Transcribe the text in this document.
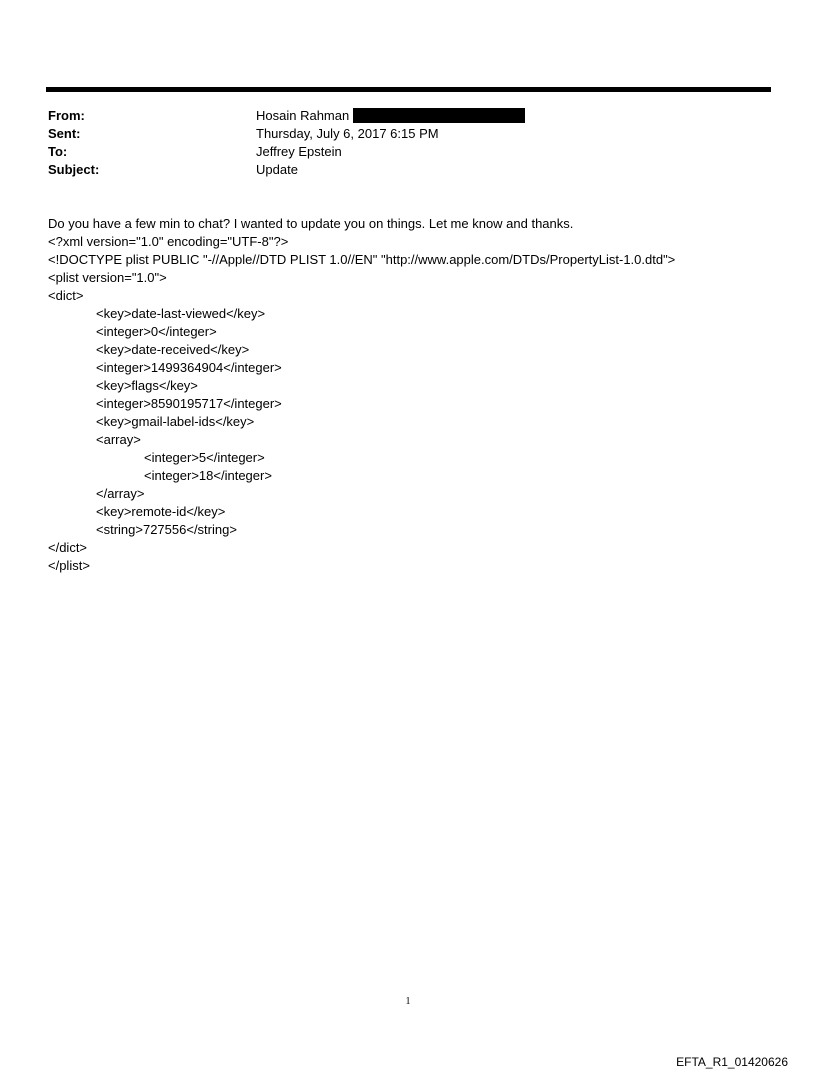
From:	Hosain Rahman
Sent:	Thursday, July 6, 2017 6:15 PM
To:	Jeffrey Epstein
Subject:	Update
Do you have a few min to chat? I wanted to update you on things. Let me know and thanks.
<?xml version="1.0" encoding="UTF-8"?>
<!DOCTYPE plist PUBLIC "-//Apple//DTD PLIST 1.0//EN" "http://www.apple.com/DTDs/PropertyList-1.0.dtd">
<plist version="1.0">
<dict>
<key>date-last-viewed</key>
<integer>0</integer>
<key>date-received</key>
<integer>1499364904</integer>
<key>flags</key>
<integer>8590195717</integer>
<key>gmail-label-ids</key>
<array>
<integer>5</integer>
<integer>18</integer>
</array>
<key>remote-id</key>
<string>727556</string>
</dict>
</plist>
1
EFTA_R1_01420626
